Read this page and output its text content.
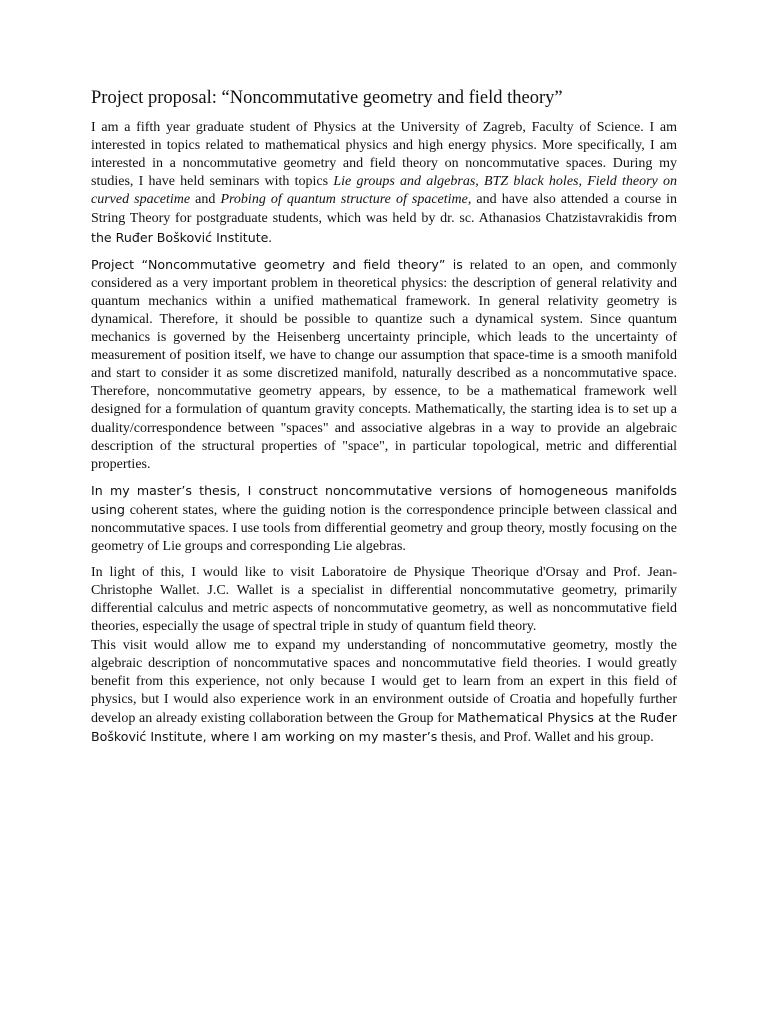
Project proposal: “Noncommutative geometry and field theory”

I am a fifth year graduate student of Physics at the University of Zagreb, Faculty of Science. I am interested in topics related to mathematical physics and high energy physics. More specifically, I am interested in a noncommutative geometry and field theory on noncommutative spaces. During my studies, I have held seminars with topics Lie groups and algebras, BTZ black holes, Field theory on curved spacetime and Probing of quantum structure of spacetime, and have also attended a course in String Theory for postgraduate students, which was held by dr. sc. Athanasios Chatzistavrakidis from the Ruđer Bošković Institute.

Project “Noncommutative geometry and field theory” is related to an open, and commonly considered as a very important problem in theoretical physics: the description of general relativity and quantum mechanics within a unified mathematical framework. In general relativity geometry is dynamical. Therefore, it should be possible to quantize such a dynamical system. Since quantum mechanics is governed by the Heisenberg uncertainty principle, which leads to the uncertainty of measurement of position itself, we have to change our assumption that space-time is a smooth manifold and start to consider it as some discretized manifold, naturally described as a noncommutative space. Therefore, noncommutative geometry appears, by essence, to be a mathematical framework well designed for a formulation of quantum gravity concepts. Mathematically, the starting idea is to set up a duality/correspondence between "spaces" and associative algebras in a way to provide an algebraic description of the structural properties of "space", in particular topological, metric and differential properties.

In my master’s thesis, I construct noncommutative versions of homogeneous manifolds using coherent states, where the guiding notion is the correspondence principle between classical and noncommutative spaces. I use tools from differential geometry and group theory, mostly focusing on the geometry of Lie groups and corresponding Lie algebras.

In light of this, I would like to visit Laboratoire de Physique Theorique d'Orsay and Prof. Jean-Christophe Wallet. J.C. Wallet is a specialist in differential noncommutative geometry, primarily differential calculus and metric aspects of noncommutative geometry, as well as noncommutative field theories, especially the usage of spectral triple in study of quantum field theory.

This visit would allow me to expand my understanding of noncommutative geometry, mostly the algebraic description of noncommutative spaces and noncommutative field theories. I would greatly benefit from this experience, not only because I would get to learn from an expert in this field of physics, but I would also experience work in an environment outside of Croatia and hopefully further develop an already existing collaboration between the Group for Mathematical Physics at the Ruđer Bošković Institute, where I am working on my master’s thesis, and Prof. Wallet and his group.
